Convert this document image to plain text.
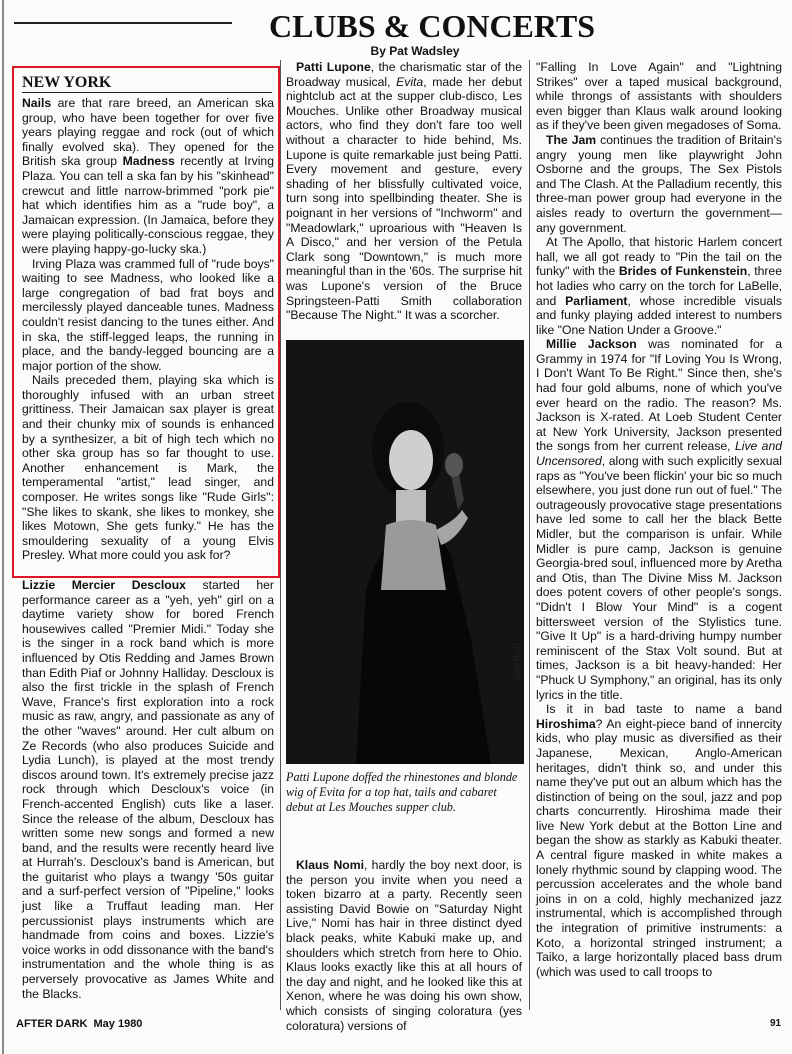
CLUBS & CONCERTS
By Pat Wadsley
NEW YORK

Nails are that rare breed, an American ska group, who have been together for over five years playing reggae and rock (out of which finally evolved ska). They opened for the British ska group Madness recently at Irving Plaza. You can tell a ska fan by his "skinhead" crewcut and little narrow-brimmed "pork pie" hat which identifies him as a "rude boy", a Jamaican expression. (In Jamaica, before they were playing politically-conscious reggae, they were playing happy-go-lucky ska.)

Irving Plaza was crammed full of "rude boys" waiting to see Madness, who looked like a large congregation of bad frat boys and mercilessly played danceable tunes. Madness couldn't resist dancing to the tunes either. And in ska, the stiff-legged leaps, the running in place, and the bandy-legged bouncing are a major portion of the show.

Nails preceded them, playing ska which is thoroughly infused with an urban street grittiness. Their Jamaican sax player is great and their chunky mix of sounds is enhanced by a synthesizer, a bit of high tech which no other ska group has so far thought to use. Another enhancement is Mark, the temperamental "artist," lead singer, and composer. He writes songs like "Rude Girls": "She likes to skank, she likes to monkey, she likes Motown, She gets funky." He has the smouldering sexuality of a young Elvis Presley. What more could you ask for?

Lizzie Mercier Descloux started her performance career as a "yeh, yeh" girl on a daytime variety show for bored French housewives called "Premier Midi." Today she is the singer in a rock band which is more influenced by Otis Redding and James Brown than Edith Piaf or Johnny Halliday. Descloux is also the first trickle in the splash of French Wave, France's first exploration into a rock music as raw, angry, and passionate as any of the other "waves" around. Her cult album on Ze Records (who also produces Suicide and Lydia Lunch), is played at the most trendy discos around town. It's extremely precise jazz rock through which Descloux's voice (in French-accented English) cuts like a laser. Since the release of the album, Descloux has written some new songs and formed a new band, and the results were recently heard live at Hurrah's. Descloux's band is American, but the guitarist who plays a twangy '50s guitar and a surf-perfect version of "Pipeline," looks just like a Truffaut leading man. Her percussionist plays instruments which are handmade from coins and boxes. Lizzie's voice works in odd dissonance with the band's instrumentation and the whole thing is as perversely provocative as James White and the Blacks.

Patti Lupone, the charismatic star of the Broadway musical, Evita, made her debut nightclub act at the supper club-disco, Les Mouches. Unlike other Broadway musical actors, who find they don't fare too well without a character to hide behind, Ms. Lupone is quite remarkable just being Patti. Every movement and gesture, every shading of her blissfully cultivated voice, turn song into spellbinding theater. She is poignant in her versions of "Inchworm" and "Meadowlark," uproarious with "Heaven Is A Disco," and her version of the Petula Clark song "Downtown," is much more meaningful than in the '60s. The surprise hit was Lupone's version of the Bruce Springsteen-Patti Smith collaboration "Because The Night." It was a scorcher.

Bob Rich
Patti Lupone doffed the rhinestones and blonde wig of Evita for a top hat, tails and cabaret debut at Les Mouches supper club.

Klaus Nomi, hardly the boy next door, is the person you invite when you need a token bizarro at a party. Recently seen assisting David Bowie on "Saturday Night Live," Nomi has hair in three distinct dyed black peaks, white Kabuki make up, and shoulders which stretch from here to Ohio. Klaus looks exactly like this at all hours of the day and night, and he looked like this at Xenon, where he was doing his own show, which consists of singing coloratura (yes coloratura) versions of

"Falling In Love Again" and "Lightning Strikes" over a taped musical background, while throngs of assistants with shoulders even bigger than Klaus walk around looking as if they've been given megadoses of Soma.

The Jam continues the tradition of Britain's angry young men like playwright John Osborne and the groups, The Sex Pistols and The Clash. At the Palladium recently, this three-man power group had everyone in the aisles ready to overturn the government—any government.

At The Apollo, that historic Harlem concert hall, we all got ready to "Pin the tail on the funky" with the Brides of Funkenstein, three hot ladies who carry on the torch for LaBelle, and Parliament, whose incredible visuals and funky playing added interest to numbers like "One Nation Under a Groove."

Millie Jackson was nominated for a Grammy in 1974 for "If Loving You Is Wrong, I Don't Want To Be Right." Since then, she's had four gold albums, none of which you've ever heard on the radio. The reason? Ms. Jackson is X-rated. At Loeb Student Center at New York University, Jackson presented the songs from her current release, Live and Uncensored, along with such explicitly sexual raps as "You've been flickin' your bic so much elsewhere, you just done run out of fuel." The outrageously provocative stage presentations have led some to call her the black Bette Midler, but the comparison is unfair. While Midler is pure camp, Jackson is genuine Georgia-bred soul, influenced more by Aretha and Otis, than The Divine Miss M. Jackson does potent covers of other people's songs. "Didn't I Blow Your Mind" is a cogent bittersweet version of the Stylistics tune. "Give It Up" is a hard-driving humpy number reminiscent of the Stax Volt sound. But at times, Jackson is a bit heavy-handed: Her "Phuck U Symphony," an original, has its only lyrics in the title.

Is it in bad taste to name a band Hiroshima? An eight-piece band of innercity kids, who play music as diversified as their Japanese, Mexican, Anglo-American heritages, didn't think so, and under this name they've put out an album which has the distinction of being on the soul, jazz and pop charts concurrently. Hiroshima made their live New York debut at the Botton Line and began the show as starkly as Kabuki theater. A central figure masked in white makes a lonely rhythmic sound by clapping wood. The percussion accelerates and the whole band joins in on a cold, highly mechanized jazz instrumental, which is accomplished through the integration of primitive instruments: a Koto, a horizontal stringed instrument; a Taiko, a large horizontally placed bass drum (which was used to call troops to

AFTER DARK May 1980	91
